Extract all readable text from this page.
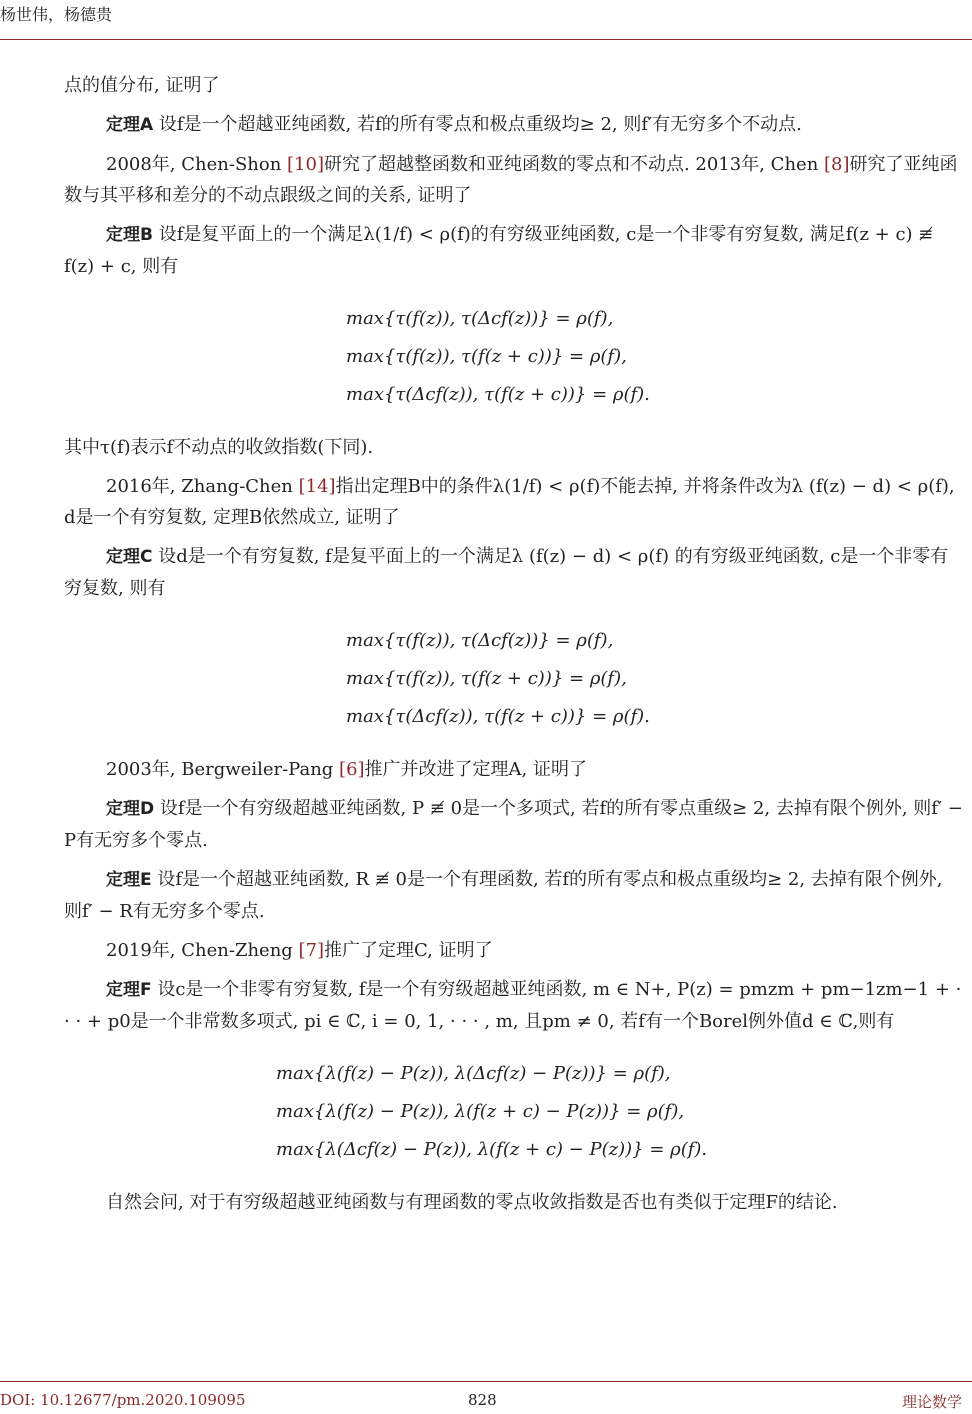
杨世伟，杨德贵

点的值分布, 证明了

定理A 设f是一个超越亚纯函数, 若f的所有零点和极点重级均≥ 2, 则f′有无穷多个不动点.

2008年, Chen-Shon [10]研究了超越整函数和亚纯函数的零点和不动点. 2013年, Chen [8]研究了亚纯函数与其平移和差分的不动点跟级之间的关系, 证明了

定理B 设f是复平面上的一个满足λ(1/f) < ρ(f)的有穷级亚纯函数, c是一个非零有穷复数, 满足f(z + c) ≢ f(z) + c, 则有

max{τ(f(z)), τ(Δcf(z))} = ρ(f),
max{τ(f(z)), τ(f(z + c))} = ρ(f),
max{τ(Δcf(z)), τ(f(z + c))} = ρ(f).

其中τ(f)表示f不动点的收敛指数(下同).

2016年, Zhang-Chen [14]指出定理B中的条件λ(1/f) < ρ(f)不能去掉, 并将条件改为λ (f(z) − d) < ρ(f), d是一个有穷复数, 定理B依然成立, 证明了

定理C 设d是一个有穷复数, f是复平面上的一个满足λ (f(z) − d) < ρ(f) 的有穷级亚纯函数, c是一个非零有穷复数, 则有

max{τ(f(z)), τ(Δcf(z))} = ρ(f),
max{τ(f(z)), τ(f(z + c))} = ρ(f),
max{τ(Δcf(z)), τ(f(z + c))} = ρ(f).

2003年, Bergweiler-Pang [6]推广并改进了定理A, 证明了

定理D 设f是一个有穷级超越亚纯函数, P ≢ 0是一个多项式, 若f的所有零点重级≥ 2, 去掉有限个例外, 则f′ − P有无穷多个零点.

定理E 设f是一个超越亚纯函数, R ≢ 0是一个有理函数, 若f的所有零点和极点重级均≥ 2, 去掉有限个例外, 则f′ − R有无穷多个零点.

2019年, Chen-Zheng [7]推广了定理C, 证明了

定理F 设c是一个非零有穷复数, f是一个有穷级超越亚纯函数, m ∈ N+, P(z) = pmzm + pm−1zm−1 + · · · + p0是一个非常数多项式, pi ∈ ℂ, i = 0, 1, · · · , m, 且pm ≠ 0, 若f有一个Borel例外值d ∈ ℂ,则有

max{λ(f(z) − P(z)), λ(Δcf(z) − P(z))} = ρ(f),
max{λ(f(z) − P(z)), λ(f(z + c) − P(z))} = ρ(f),
max{λ(Δcf(z) − P(z)), λ(f(z + c) − P(z))} = ρ(f).

自然会问, 对于有穷级超越亚纯函数与有理函数的零点收敛指数是否也有类似于定理F的结论.

DOI: 10.12677/pm.2020.109095	828	理论数学
